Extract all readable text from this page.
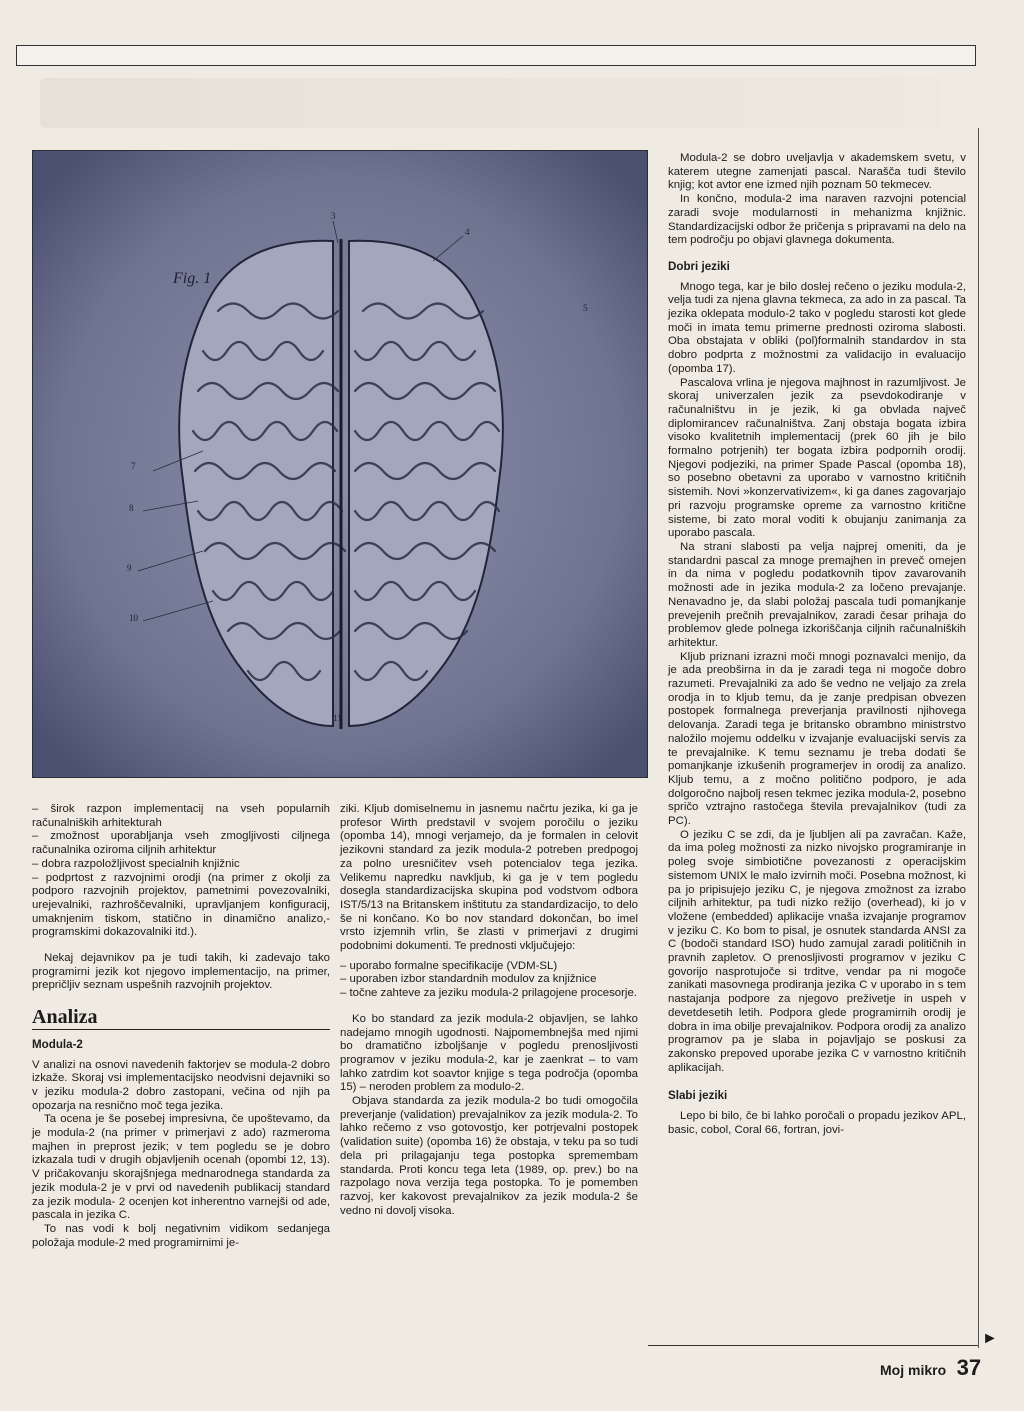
Fig. 1
3
4
5
7
8
9
10
11
– širok razpon implementacij na vseh popularnih računalniških arhitekturah
– zmožnost uporabljanja vseh zmogljivosti ciljnega računalnika oziroma ciljnih arhitektur
– dobra razpoložljivost specialnih knjižnic
– podprtost z razvojnimi orodji (na primer z okolji za podporo razvojnih projektov, pametnimi povezovalniki, urejevalniki, razhroščevalniki, upravljanjem konfiguracij, umaknjenim tiskom, statično in dinamično analizo,-programskimi dokazovalniki itd.).

Nekaj dejavnikov pa je tudi takih, ki zadevajo tako programirni jezik kot njegovo implementacijo, na primer, prepričljiv seznam uspešnih razvojnih projektov.

Analiza
Modula-2

V analizi na osnovi navedenih faktorjev se modula-2 dobro izkaže. Skoraj vsi implementacijsko neodvisni dejavniki so v jeziku modula-2 dobro zastopani, večina od njih pa opozarja na resnično moč tega jezika.

Ta ocena je še posebej impresivna, če upoštevamo, da je modula-2 (na primer v primerjavi z ado) razmeroma majhen in preprost jezik; v tem pogledu se je dobro izkazala tudi v drugih objavljenih ocenah (opombi 12, 13). V pričakovanju skorajšnjega mednarodnega standarda za jezik modula-2 je v prvi od navedenih publikacij standard za jezik modula- 2 ocenjen kot inherentno varnejši od ade, pascala in jezika C.

To nas vodi k bolj negativnim vidikom sedanjega položaja module-2 med programirnimi je-

ziki. Kljub domiselnemu in jasnemu načrtu jezika, ki ga je profesor Wirth predstavil v svojem poročilu o jeziku (opomba 14), mnogi verjamejo, da je formalen in celovit jezikovni standard za jezik modula-2 potreben predpogoj za polno uresničitev vseh potencialov tega jezika. Velikemu napredku navkljub, ki ga je v tem pogledu dosegla standardizacijska skupina pod vodstvom odbora IST/5/13 na Britanskem inštitutu za standardizacijo, to delo še ni končano. Ko bo nov standard dokončan, bo imel vrsto izjemnih vrlin, še zlasti v primerjavi z drugimi podobnimi dokumenti. Te prednosti vključujejo:

– uporabo formalne specifikacije (VDM-SL)
– uporaben izbor standardnih modulov za knjižnice
– točne zahteve za jeziku modula-2 prilagojene procesorje.

Ko bo standard za jezik modula-2 objavljen, se lahko nadejamo mnogih ugodnosti. Najpomembnejša med njimi bo dramatično izboljšanje v pogledu prenosljivosti programov v jeziku modula-2, kar je zaenkrat – to vam lahko zatrdim kot soavtor knjige s tega področja (opomba 15) – neroden problem za modulo-2.

Objava standarda za jezik modula-2 bo tudi omogočila preverjanje (validation) prevajalnikov za jezik modula-2. To lahko rečemo z vso gotovostjo, ker potrjevalni postopek (validation suite) (opomba 16) že obstaja, v teku pa so tudi dela pri prilagajanju tega postopka spremembam standarda. Proti koncu tega leta (1989, op. prev.) bo na razpolago nova verzija tega postopka. To je pomemben razvoj, ker kakovost prevajalnikov za jezik modula-2 še vedno ni dovolj visoka.

Modula-2 se dobro uveljavlja v akademskem svetu, v katerem utegne zamenjati pascal. Narašča tudi število knjig; kot avtor ene izmed njih poznam 50 tekmecev.

In končno, modula-2 ima naraven razvojni potencial zaradi svoje modularnosti in mehanizma knjižnic. Standardizacijski odbor že pričenja s pripravami na delo na tem področju po objavi glavnega dokumenta.

Dobri jeziki

Mnogo tega, kar je bilo doslej rečeno o jeziku modula-2, velja tudi za njena glavna tekmeca, za ado in za pascal. Ta jezika oklepata modulo-2 tako v pogledu starosti kot glede moči in imata temu primerne prednosti oziroma slabosti. Oba obstajata v obliki (pol)formalnih standardov in sta dobro podprta z možnostmi za validacijo in evaluacijo (opomba 17).

Pascalova vrlina je njegova majhnost in razumljivost. Je skoraj univerzalen jezik za psevdokodiranje v računalništvu in je jezik, ki ga obvlada največ diplomirancev računalništva. Zanj obstaja bogata izbira visoko kvalitetnih implementacij (prek 60 jih je bilo formalno potrjenih) ter bogata izbira podpornih orodij. Njegovi podjeziki, na primer Spade Pascal (opomba 18), so posebno obetavni za uporabo v varnostno kritičnih sistemih. Novi »konzervativizem«, ki ga danes zagovarjajo pri razvoju programske opreme za varnostno kritične sisteme, bi zato moral voditi k obujanju zanimanja za uporabo pascala.

Na strani slabosti pa velja najprej omeniti, da je standardni pascal za mnoge premajhen in preveč omejen in da nima v pogledu podatkovnih tipov zavarovanih možnosti ade in jezika modula-2 za ločeno prevajanje. Nenavadno je, da slabi položaj pascala tudi pomanjkanje prevejenih prečnih prevajalnikov, zaradi česar prihaja do problemov glede polnega izkoriščanja ciljnih računalniških arhitektur.

Kljub priznani izrazni moči mnogi poznavalci menijo, da je ada preobširna in da je zaradi tega ni mogoče dobro razumeti. Prevajalniki za ado še vedno ne veljajo za zrela orodja in to kljub temu, da je zanje predpisan obvezen postopek formalnega preverjanja pravilnosti njihovega delovanja. Zaradi tega je britansko obrambno ministrstvo naložilo mojemu oddelku v izvajanje evaluacijski servis za te prevajalnike. K temu seznamu je treba dodati še pomanjkanje izkušenih programerjev in orodij za analizo. Kljub temu, a z močno politično podporo, je ada dolgoročno najbolj resen tekmec jezika modula-2, posebno spričo vztrajno rastočega števila prevajalnikov (tudi za PC).

O jeziku C se zdi, da je ljubljen ali pa zavračan. Kaže, da ima poleg možnosti za nizko nivojsko programiranje in poleg svoje simbiotične povezanosti z operacijskim sistemom UNIX le malo izvirnih moči. Posebna možnost, ki pa jo pripisujejo jeziku C, je njegova zmožnost za izrabo ciljnih arhitektur, pa tudi nizko režijo (overhead), ki jo v vložene (embedded) aplikacije vnaša izvajanje programov v jeziku C. Ko bom to pisal, je osnutek standarda ANSI za C (bodoči standard ISO) hudo zamujal zaradi političnih in pravnih zapletov. O prenosljivosti programov v jeziku C govorijo nasprotujoče si trditve, vendar pa ni mogoče zanikati masovnega prodiranja jezika C v uporabo in s tem nastajanja podpore za njegovo preživetje in uspeh v devetdesetih letih. Podpora glede programirnih orodij je dobra in ima obilje prevajalnikov. Podpora orodij za analizo programov pa je slaba in pojavljajo se poskusi za zakonsko prepoved uporabe jezika C v varnostno kritičnih aplikacijah.

Slabi jeziki

Lepo bi bilo, če bi lahko poročali o propadu jezikov APL, basic, cobol, Coral 66, fortran, jovi-

►
Moj mikro 37
